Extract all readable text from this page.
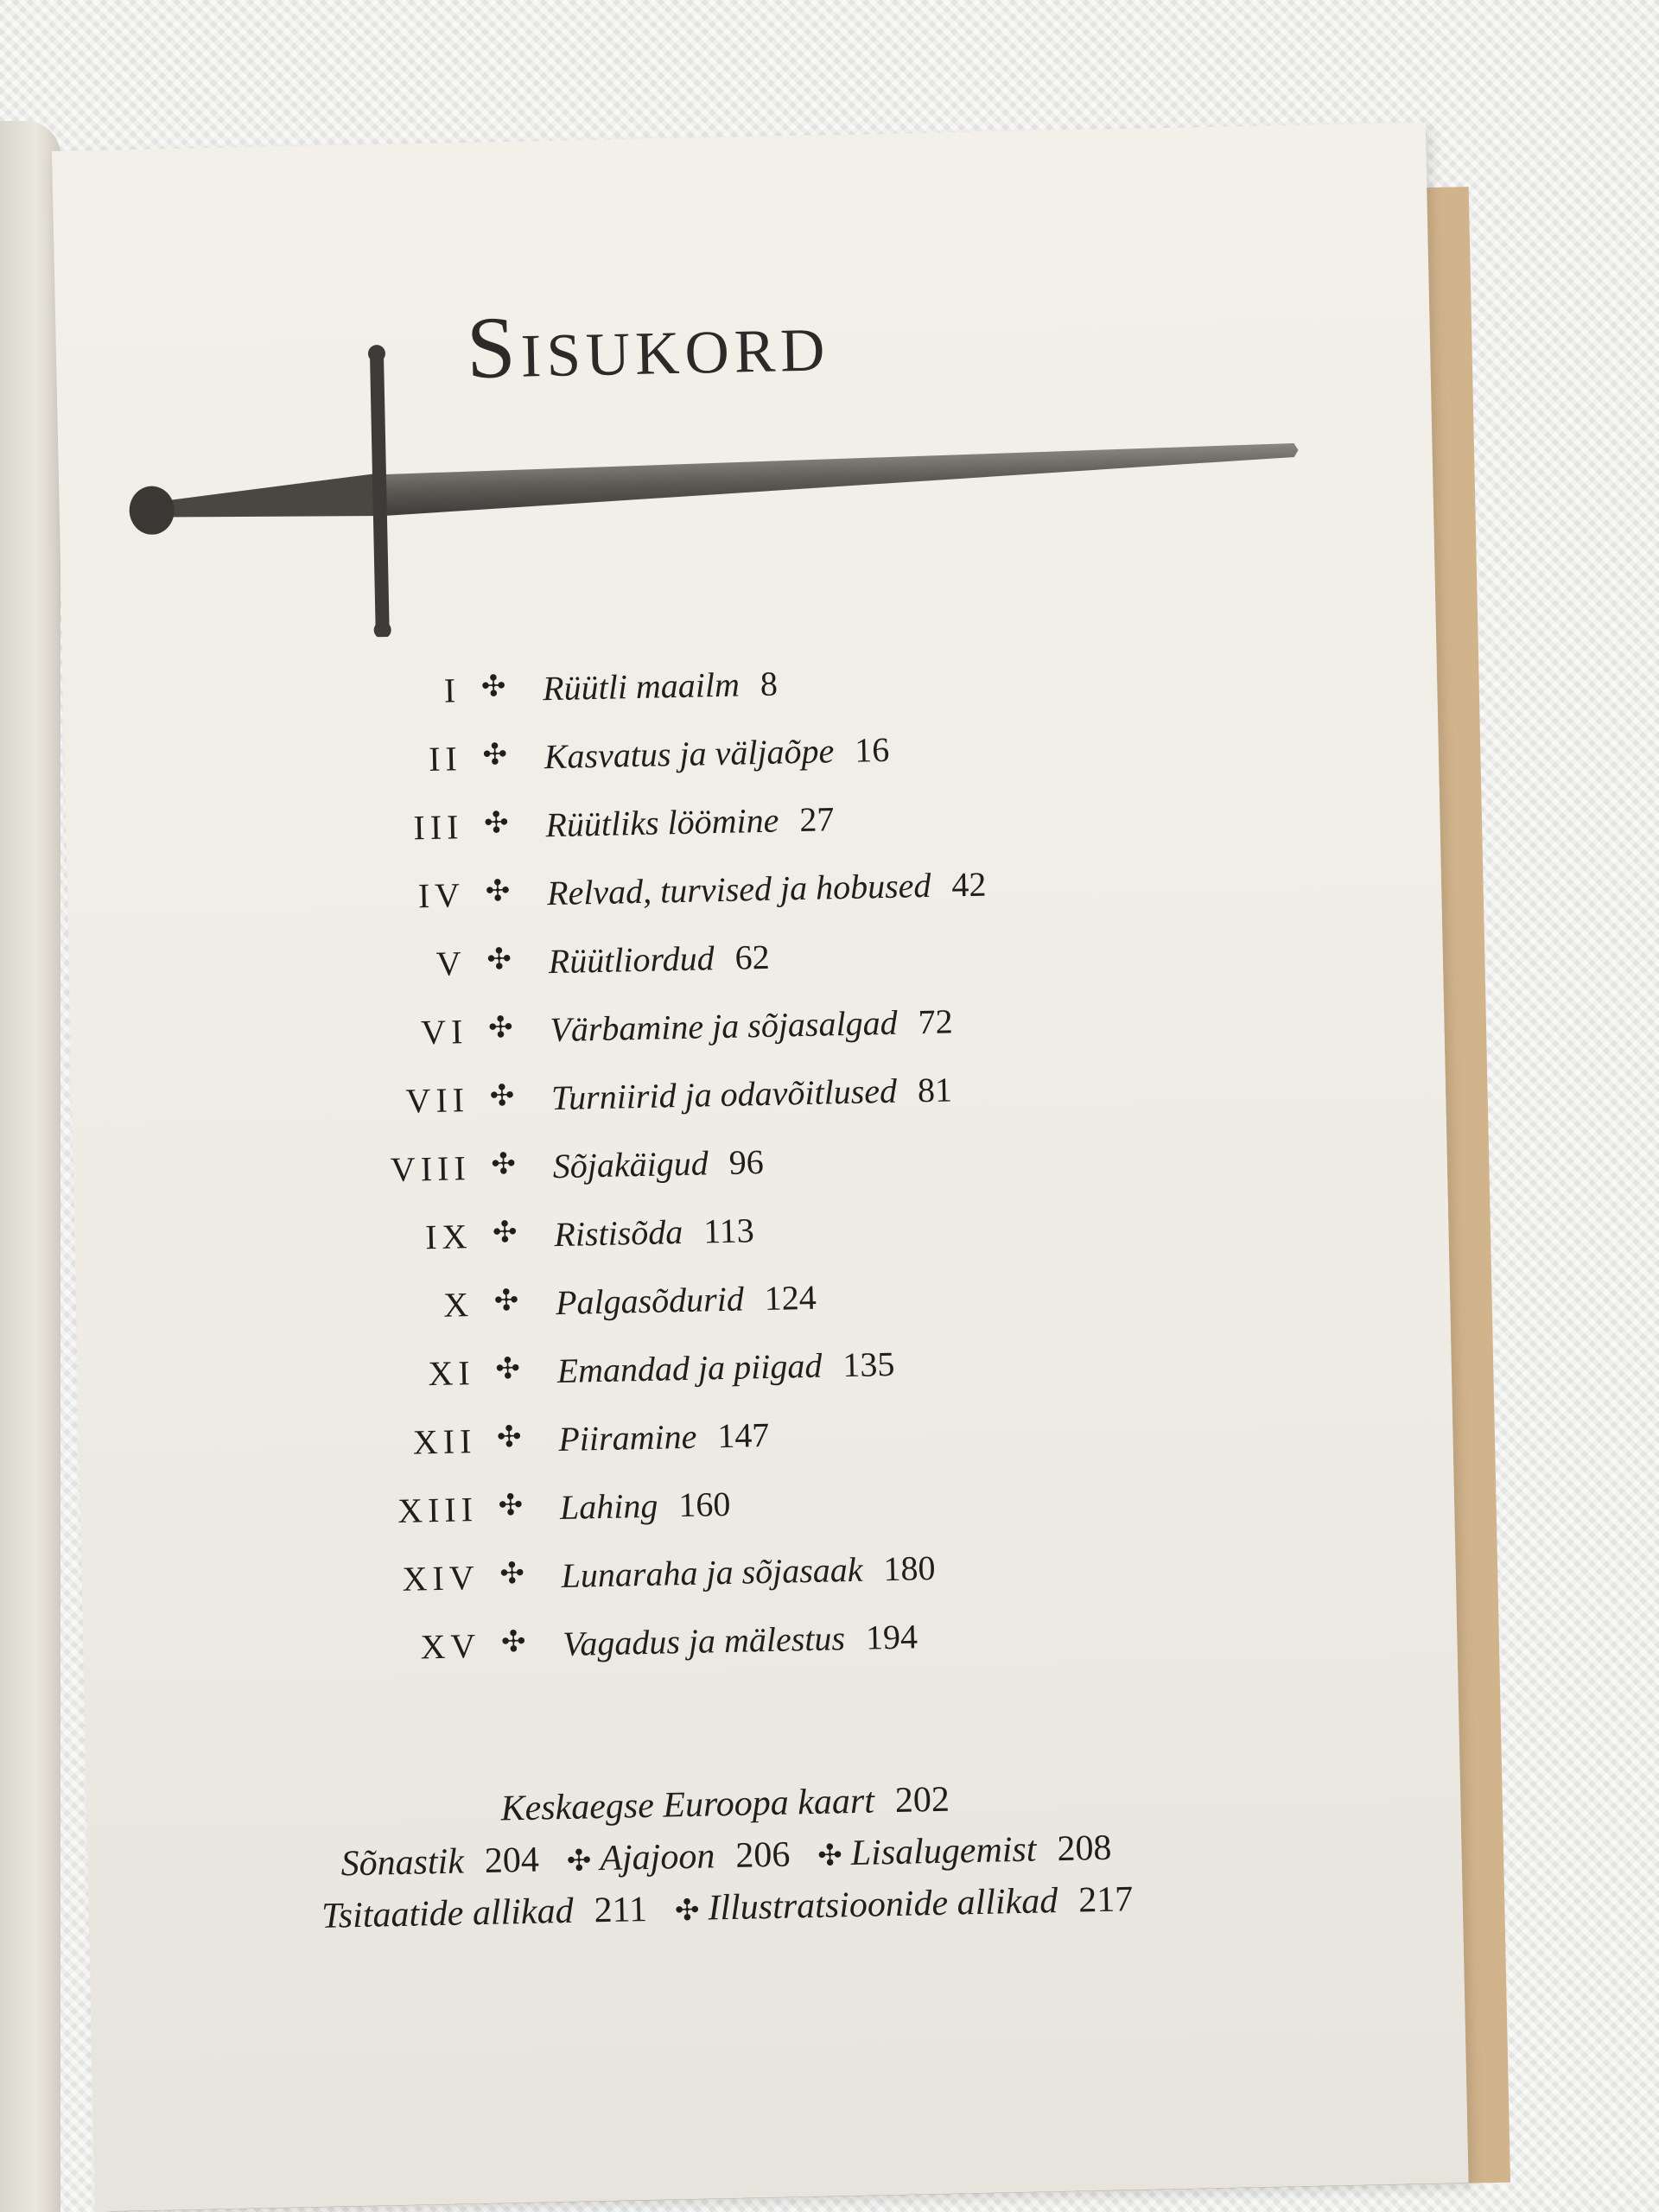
Sisukord
I ✣ Rüütli maailm 8
II ✣ Kasvatus ja väljaõpe 16
III ✣ Rüütliks löömine 27
IV ✣ Relvad, turvised ja hobused 42
V ✣ Rüütliordud 62
VI ✣ Värbamine ja sõjasalgad 72
VII ✣ Turniirid ja odavõitlused 81
VIII ✣ Sõjakäigud 96
IX ✣ Ristisõda 113
X ✣ Palgasõdurid 124
XI ✣ Emandad ja piigad 135
XII ✣ Piiramine 147
XIII ✣ Lahing 160
XIV ✣ Lunaraha ja sõjasaak 180
XV ✣ Vagadus ja mälestus 194
Keskaegse Euroopa kaart 202
Sõnastik 204 ✣ Ajajoon 206 ✣ Lisalugemist 208
Tsitaatide allikad 211 ✣ Illustratsioonide allikad 217
